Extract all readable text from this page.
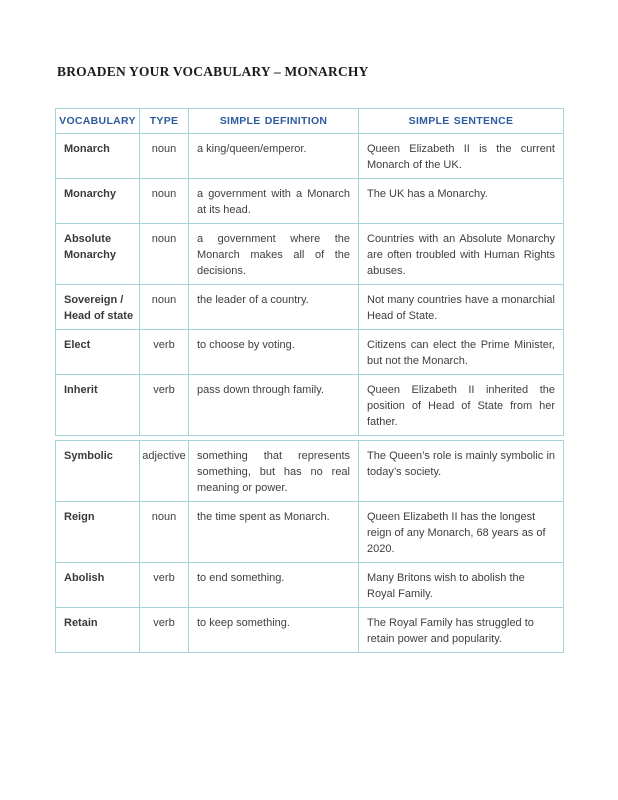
BROADEN YOUR VOCABULARY – MONARCHY
VOCABULARY	TYPE	SIMPLE DEFINITION	SIMPLE SENTENCE
Monarch	noun	a king/queen/emperor.	Queen Elizabeth II is the current Monarch of the UK.
Monarchy	noun	a government with a Monarch at its head.	The UK has a Monarchy.
Absolute Monarchy	noun	a government where the Monarch makes all of the decisions.	Countries with an Absolute Monarchy are often troubled with Human Rights abuses.
Sovereign / Head of state	noun	the leader of a country.	Not many countries have a monarchial Head of State.
Elect	verb	to choose by voting.	Citizens can elect the Prime Minister, but not the Monarch.
Inherit	verb	pass down through family.	Queen Elizabeth II inherited the position of Head of State from her father.
Symbolic	adjective	something that represents something, but has no real meaning or power.	The Queen’s role is mainly symbolic in today’s society.
Reign	noun	the time spent as Monarch.	Queen Elizabeth II has the longest reign of any Monarch, 68 years as of 2020.
Abolish	verb	to end something.	Many Britons wish to abolish the Royal Family.
Retain	verb	to keep something.	The Royal Family has struggled to retain power and popularity.
